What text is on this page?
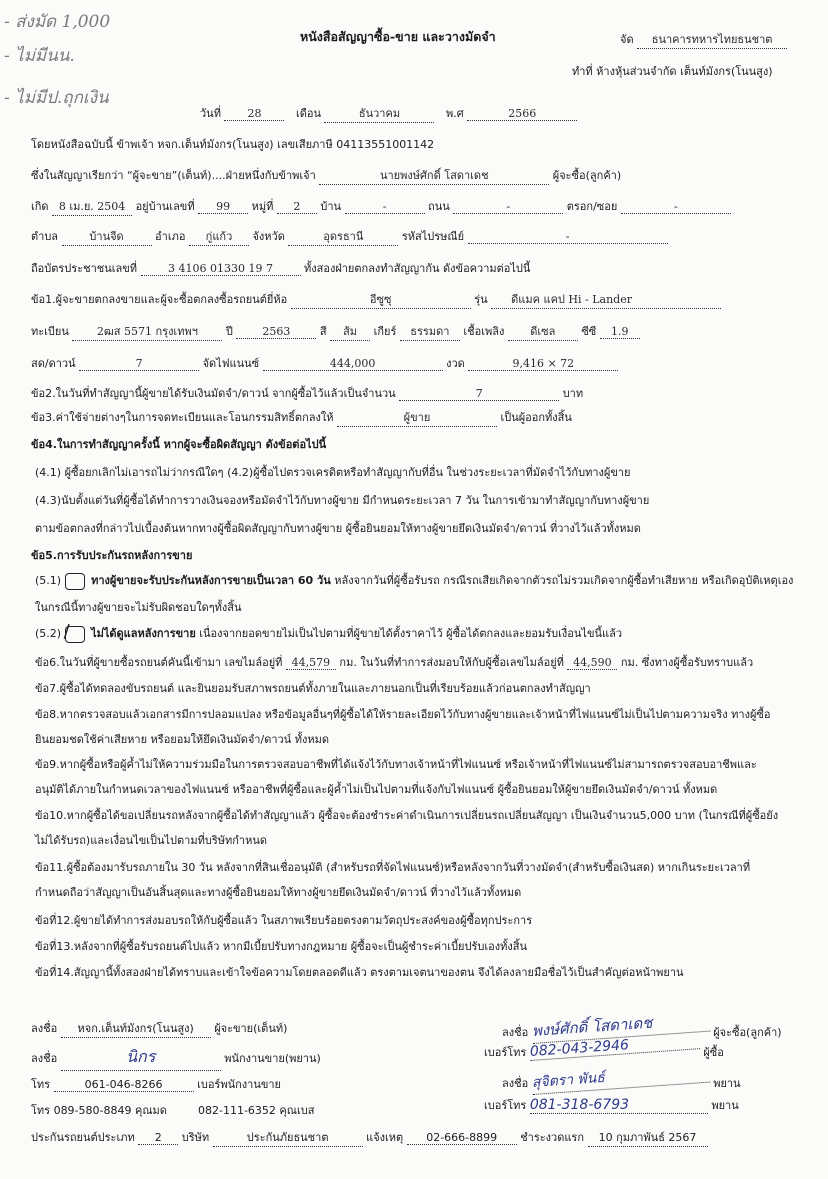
- ส่งมัด 1,000
- ไม่มีนน.
- ไม่มีป.ถุกเงิน
หนังสือสัญญาซื้อ-ขาย และวางมัดจำ	จัด ธนาคารทหารไทยธนชาต
ทำที่ ห้างหุ้นส่วนจำกัด เต็นท์มังกร(โนนสูง)
วันที่ 28	เดือน	ธันวาคม	พ.ศ	2566
โดยหนังสือฉบับนี้ ข้าพเจ้า หจก.เต็นท์มังกร(โนนสูง) เลขเสียภาษี 04113551001142
ซึ่งในสัญญาเรียกว่า “ผู้จะขาย”(เต็นท์)....ฝ่ายหนึ่งกับข้าพเจ้า	นายพงษ์ศักดิ์ โสดาเดช	ผู้จะซื้อ(ลูกค้า)
เกิด 8 เม.ย. 2504 อยู่บ้านเลขที่ 99 หมู่ที่ 2 บ้าน	-	ถนน	-	ตรอก/ซอย	-
ตำบล	บ้านจีด	อำเภอ กู่แก้ว จังหวัด	อุดรธานี	รหัสไปรษณีย์	-
ถือบัตรประชาชนเลขที่	3 4106 01330 19 7	ทั้งสองฝ่ายตกลงทำสัญญากัน ดังข้อความต่อไปนี้
ข้อ1.ผู้จะขายตกลงขายและผู้จะซื้อตกลงซื้อรถยนต์ยี่ห้อ	อีซูซุ	รุ่น ดีแมค แคป Hi - Lander
ทะเบียน	2ฒส 5571 กรุงเทพฯ	ปี	2563	สี ส้ม เกียร์ ธรรมดา เชื้อเพลิง ดีเซล ซีซี 1.9
สด/ดาวน์	7	จัดไฟแนนซ์	444,000	งวด	9,416 × 72
ข้อ2.ในวันที่ทำสัญญานี้ผู้ขายได้รับเงินมัดจำ/ดาวน์ จากผู้ซื้อไว้แล้วเป็นจำนวน	7	บาท
ข้อ3.ค่าใช้จ่ายต่างๆในการจดทะเบียนและโอนกรรมสิทธิ์ตกลงให้	ผู้ขาย	เป็นผู้ออกทั้งสิ้น
ข้อ4.ในการทำสัญญาครั้งนี้ หากผู้จะซื้อผิดสัญญา ดังข้อต่อไปนี้
(4.1) ผู้ซื้อยกเลิกไม่เอารถไม่ว่ากรณีใดๆ (4.2)ผู้ซื้อไปตรวจเครดิตหรือทำสัญญากับที่อื่น ในช่วงระยะเวลาที่มัดจำไว้กับทางผู้ขาย
(4.3)นับตั้งแต่วันที่ผู้ซื้อได้ทำการวางเงินจองหรือมัดจำไว้กับทางผู้ขาย มีกำหนดระยะเวลา 7 วัน ในการเข้ามาทำสัญญากับทางผู้ขาย
ตามข้อตกลงที่กล่าวไปเบื้องต้นหากทางผู้ซื้อผิดสัญญากับทางผู้ขาย ผู้ซื้อยินยอมให้ทางผู้ขายยึดเงินมัดจำ/ดาวน์ ที่วางไว้แล้วทั้งหมด
ข้อ5.การรับประกันรถหลังการขาย
(5.1)	ทางผู้ขายจะรับประกันหลังการขายเป็นเวลา 60 วัน หลังจากวันที่ผู้ซื้อรับรถ กรณีรถเสียเกิดจากตัวรถไม่รวมเกิดจากผู้ซื้อทำเสียหาย หรือเกิดอุบัติเหตุเอง
ในกรณีนี้ทางผู้ขายจะไม่รับผิดชอบใดๆทั้งสิ้น
(5.2) / ไม่ได้ดูแลหลังการขาย เนื่องจากยอดขายไม่เป็นไปตามที่ผู้ขายได้ตั้งราคาไว้ ผู้ซื้อได้ตกลงและยอมรับเงื่อนไขนี้แล้ว
ข้อ6.ในวันที่ผู้ขายซื้อรถยนต์คันนี้เข้ามา เลขไมล์อยู่ที่ 44,579 กม. ในวันที่ทำการส่งมอบให้กับผู้ซื้อเลขไมล์อยู่ที่ 44,590 กม. ซึ่งทางผู้ซื้อรับทราบแล้ว
ข้อ7.ผู้ซื้อได้ทดลองขับรถยนต์ และยินยอมรับสภาพรถยนต์ทั้งภายในและภายนอกเป็นที่เรียบร้อยแล้วก่อนตกลงทำสัญญา
ข้อ8.หากตรวจสอบแล้วเอกสารมีการปลอมแปลง หรือข้อมูลอื่นๆที่ผู้ซื้อได้ให้รายละเอียดไว้กับทางผู้ขายและเจ้าหน้าที่ไฟแนนซ์ไม่เป็นไปตามความจริง ทางผู้ซื้อ
ยินยอมชดใช้ค่าเสียหาย หรือยอมให้ยึดเงินมัดจำ/ดาวน์ ทั้งหมด
ข้อ9.หากผู้ซื้อหรือผู้ค้ำไม่ให้ความร่วมมือในการตรวจสอบอาชีพที่ได้แจ้งไว้กับทางเจ้าหน้าที่ไฟแนนซ์ หรือเจ้าหน้าที่ไฟแนนซ์ไม่สามารถตรวจสอบอาชีพและ
อนุมัติได้ภายในกำหนดเวลาของไฟแนนซ์ หรืออาชีพที่ผู้ซื้อและผู้ค้ำไม่เป็นไปตามที่แจ้งกับไฟแนนซ์ ผู้ซื้อยินยอมให้ผู้ขายยึดเงินมัดจำ/ดาวน์ ทั้งหมด
ข้อ10.หากผู้ซื้อได้ขอเปลี่ยนรถหลังจากผู้ซื้อได้ทำสัญญาแล้ว ผู้ซื้อจะต้องชำระค่าดำเนินการเปลี่ยนรถเปลี่ยนสัญญา เป็นเงินจำนวน5,000 บาท (ในกรณีที่ผู้ซื้อยัง
ไม่ได้รับรถ)และเงื่อนไขเป็นไปตามที่บริษัทกำหนด
ข้อ11.ผู้ซื้อต้องมารับรถภายใน 30 วัน หลังจากที่สินเชื่ออนุมัติ (สำหรับรถที่จัดไฟแนนซ์)หรือหลังจากวันที่วางมัดจำ(สำหรับซื้อเงินสด) หากเกินระยะเวลาที่
กำหนดถือว่าสัญญาเป็นอันสิ้นสุดและทางผู้ซื้อยินยอมให้ทางผู้ขายยึดเงินมัดจำ/ดาวน์ ที่วางไว้แล้วทั้งหมด
ข้อที่12.ผู้ขายได้ทำการส่งมอบรถให้กับผู้ซื้อแล้ว ในสภาพเรียบร้อยตรงตามวัตถุประสงค์ของผู้ซื้อทุกประการ
ข้อที่13.หลังจากที่ผู้ซื้อรับรถยนต์ไปแล้ว หากมีเบี้ยปรับทางกฎหมาย ผู้ซื้อจะเป็นผู้ชำระค่าเบี้ยปรับเองทั้งสิ้น
ข้อที่14.สัญญานี้ทั้งสองฝ่ายได้ทราบและเข้าใจข้อความโดยตลอดดีแล้ว ตรงตามเจตนาของตน จึงได้ลงลายมือชื่อไว้เป็นสำคัญต่อหน้าพยาน
ลงชื่อ หจก.เต็นท์มังกร(โนนสูง) ผู้จะขาย(เต็นท์)
ลงชื่อ	นิกร	พนักงานขาย(พยาน)
โทร	061-046-8266	เบอร์พนักงานขาย
โทร 089-580-8849 คุณมด	082-111-6352 คุณเบส
ลงชื่อ พงษ์ศักดิ์ โสดาเดช	ผู้จะซื้อ(ลูกค้า)
เบอร์โทร 082-043-2946	ผู้ซื้อ
ลงชื่อ สุจิตรา พันธ์	พยาน
เบอร์โทร 081-318-6793	พยาน
ประกันรถยนต์ประเภท 2 บริษัท	ประกันภัยธนชาต	แจ้งเหตุ 02-666-8899 ชำระงวดแรก 10 กุมภาพันธ์ 2567
